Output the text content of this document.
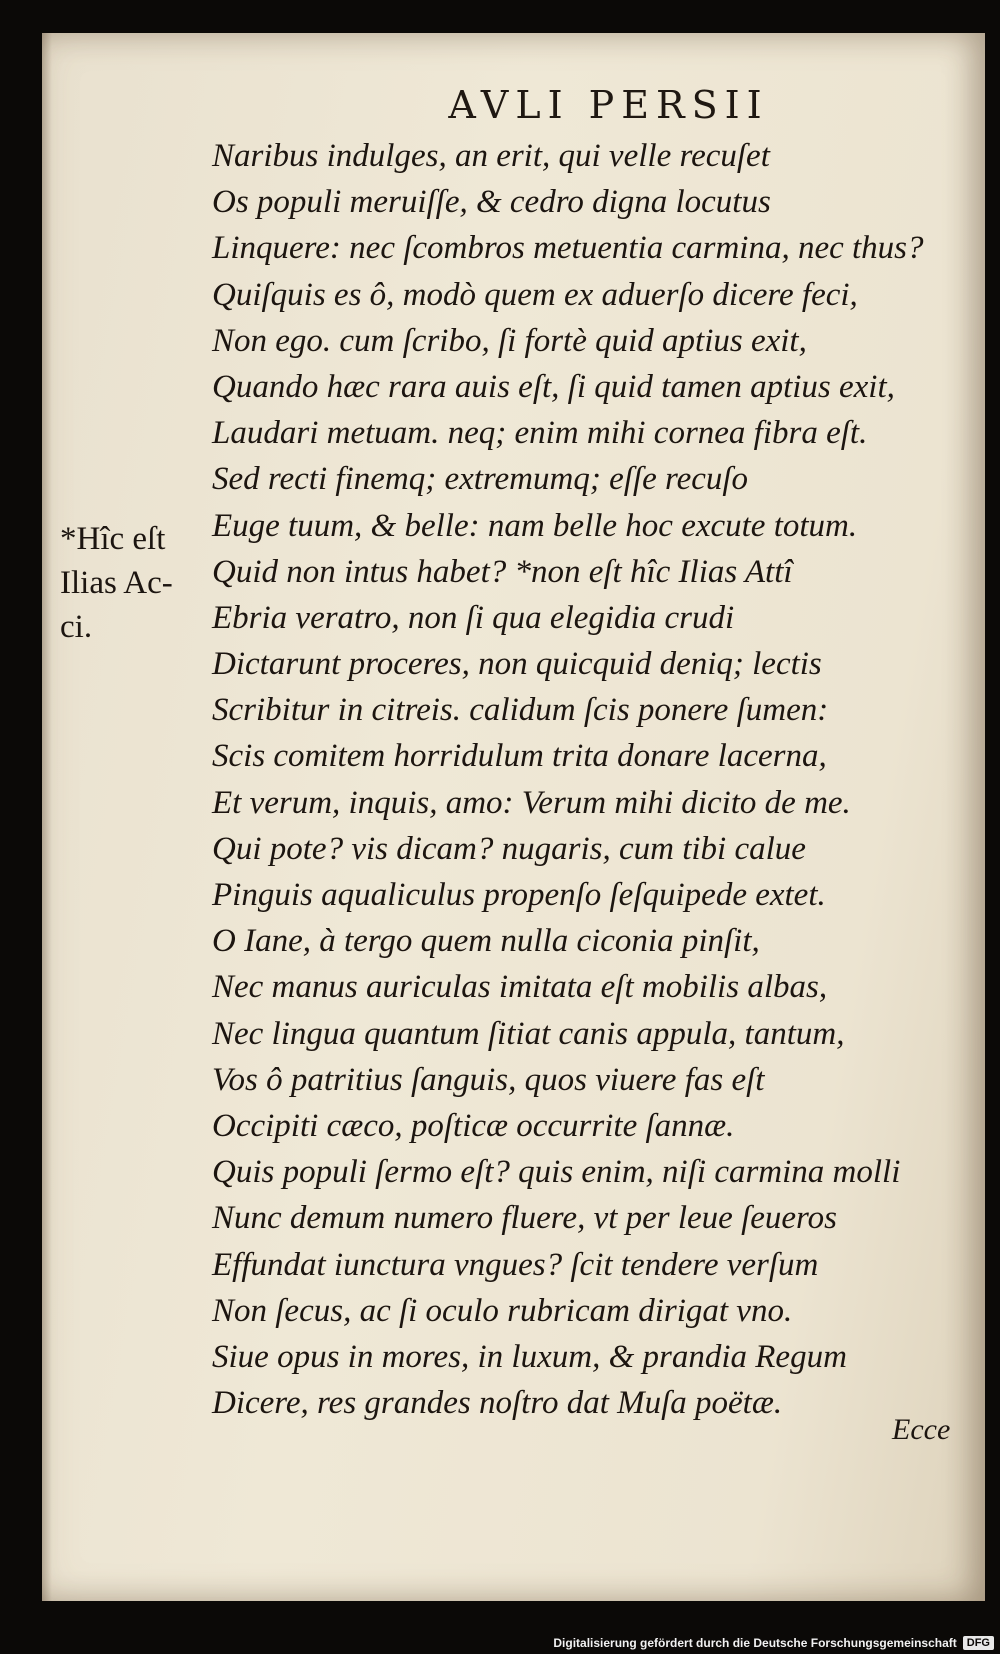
AVLI PERSII
*Hîc eſt
Ilias Ac-
ci.
Naribus indulges, an erit, qui velle recuſet
Os populi meruiſſe, & cedro digna locutus
Linquere: nec ſcombros metuentia carmina, nec thus?
Quiſquis es ô, modò quem ex aduerſo dicere feci,
Non ego. cum ſcribo, ſi fortè quid aptius exit,
Quando hæc rara auis eſt, ſi quid tamen aptius exit,
Laudari metuam. neq; enim mihi cornea fibra eſt.
Sed recti finemq; extremumq; eſſe recuſo
Euge tuum, & belle: nam belle hoc excute totum.
Quid non intus habet? *non eſt hîc Ilias Attî
Ebria veratro, non ſi qua elegidia crudi
Dictarunt proceres, non quicquid deniq; lectis
Scribitur in citreis. calidum ſcis ponere ſumen:
Scis comitem horridulum trita donare lacerna,
Et verum, inquis, amo: Verum mihi dicito de me.
Qui pote? vis dicam? nugaris, cum tibi calue
Pinguis aqualiculus propenſo ſeſquipede extet.
O Iane, à tergo quem nulla ciconia pinſit,
Nec manus auriculas imitata eſt mobilis albas,
Nec lingua quantum ſitiat canis appula, tantum,
Vos ô patritius ſanguis, quos viuere fas eſt
Occipiti cæco, poſticæ occurrite ſannæ.
Quis populi ſermo eſt? quis enim, niſi carmina molli
Nunc demum numero fluere, vt per leue ſeueros
Effundat iunctura vngues? ſcit tendere verſum
Non ſecus, ac ſi oculo rubricam dirigat vno.
Siue opus in mores, in luxum, & prandia Regum
Dicere, res grandes noſtro dat Muſa poëtæ.
Ecce
Digitalisierung gefördert durch die Deutsche Forschungsgemeinschaft DFG
